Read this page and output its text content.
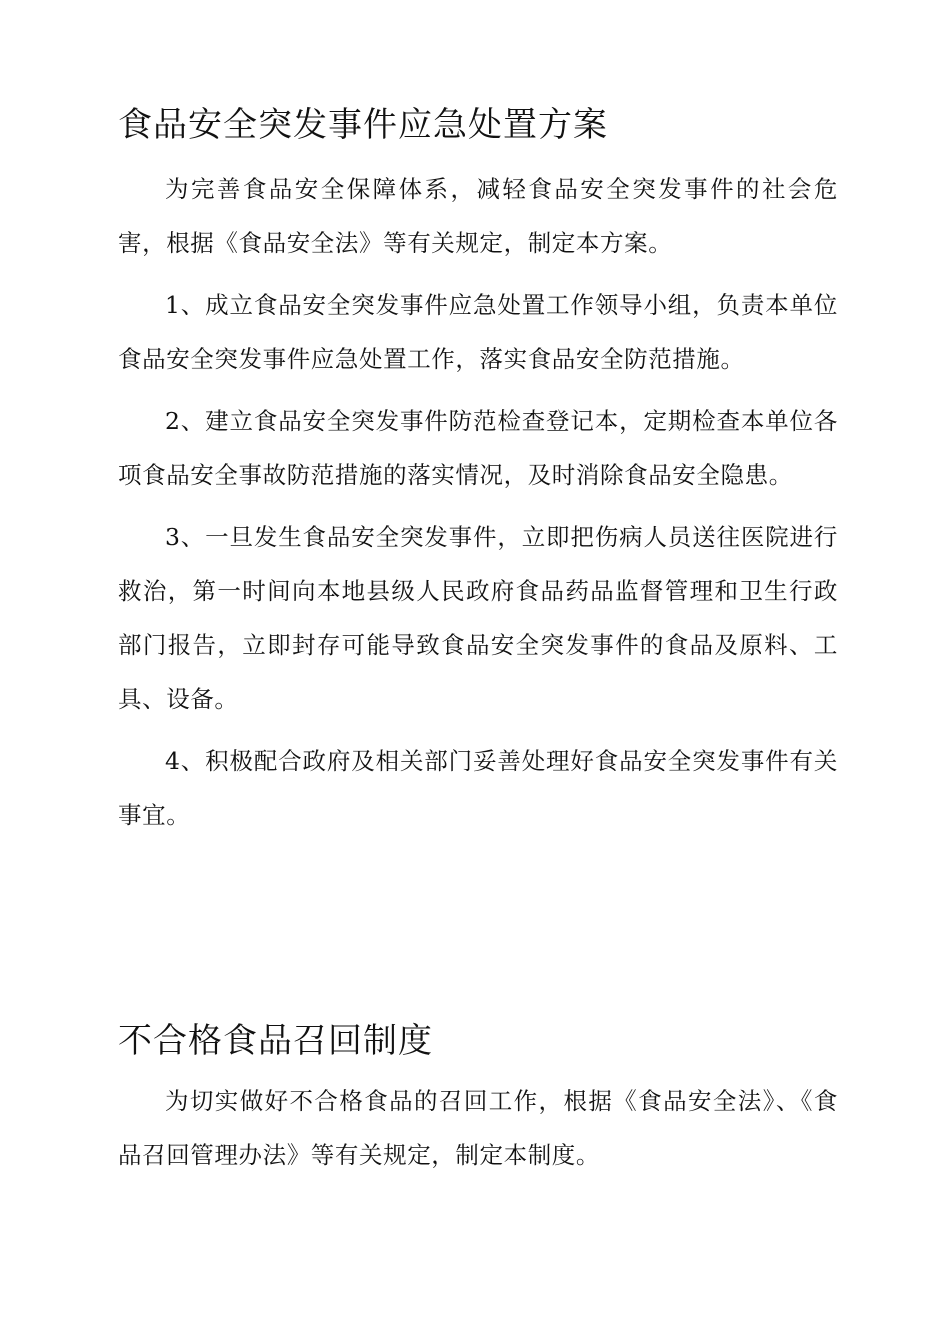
食品安全突发事件应急处置方案

为完善食品安全保障体系，减轻食品安全突发事件的社会危害，根据《食品安全法》等有关规定，制定本方案。

1、成立食品安全突发事件应急处置工作领导小组，负责本单位食品安全突发事件应急处置工作，落实食品安全防范措施。

2、建立食品安全突发事件防范检查登记本，定期检查本单位各项食品安全事故防范措施的落实情况，及时消除食品安全隐患。

3、一旦发生食品安全突发事件，立即把伤病人员送往医院进行救治，第一时间向本地县级人民政府食品药品监督管理和卫生行政部门报告，立即封存可能导致食品安全突发事件的食品及原料、工具、设备。

4、积极配合政府及相关部门妥善处理好食品安全突发事件有关事宜。

不合格食品召回制度

为切实做好不合格食品的召回工作，根据《食品安全法》、《食品召回管理办法》等有关规定，制定本制度。
